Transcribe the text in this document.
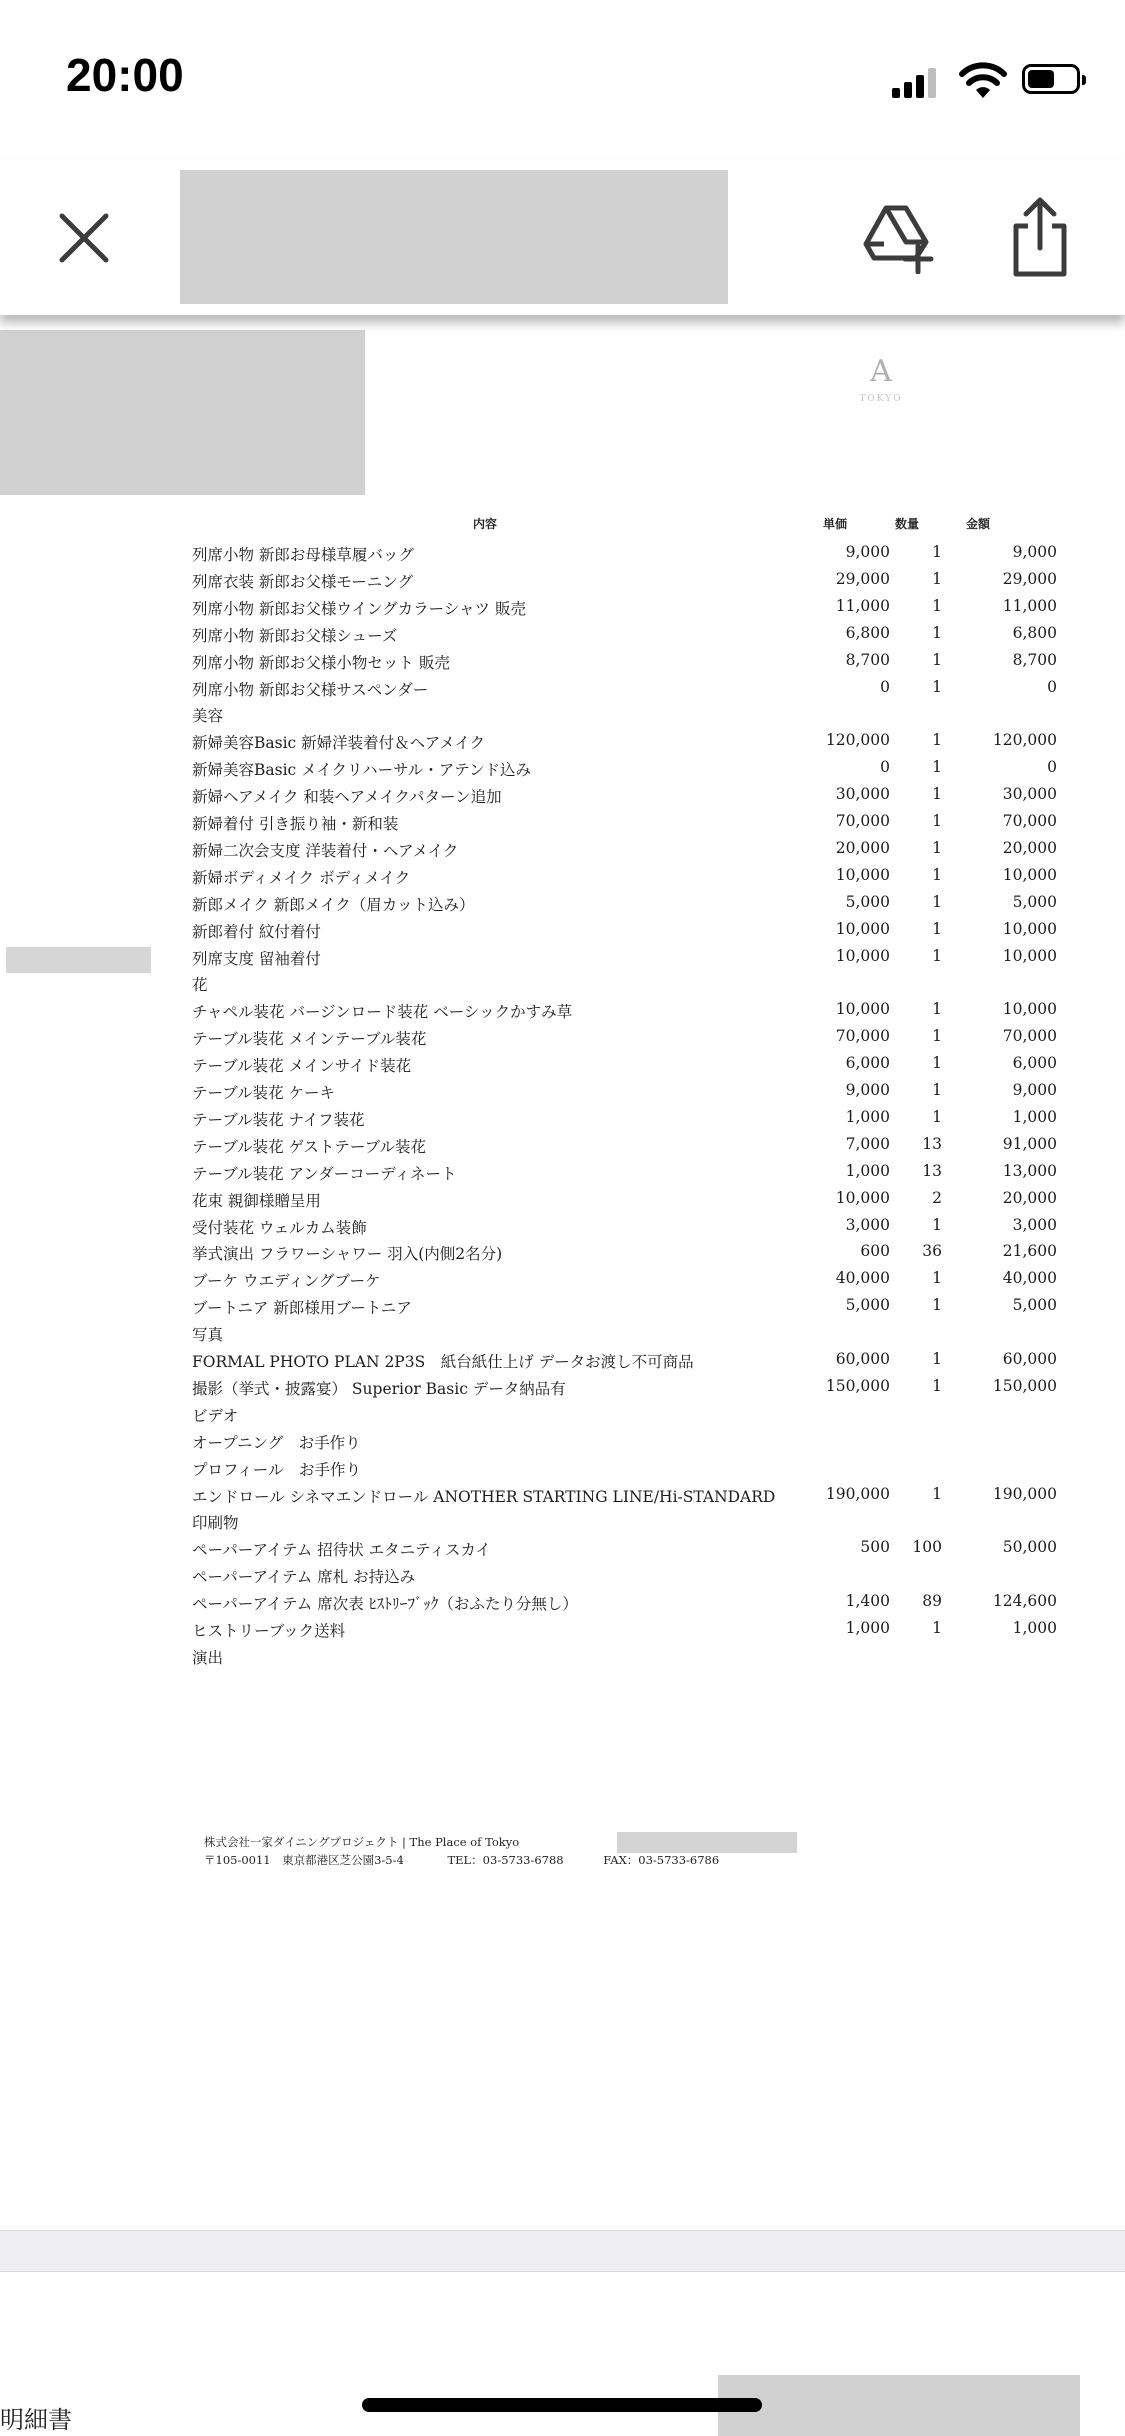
20:00
A
TOKYO
内容	単価	数量	金額
列席小物 新郎お母様草履バッグ	9,000	1	9,000
列席衣装 新郎お父様モーニング	29,000	1	29,000
列席小物 新郎お父様ウイングカラーシャツ 販売	11,000	1	11,000
列席小物 新郎お父様シューズ	6,800	1	6,800
列席小物 新郎お父様小物セット 販売	8,700	1	8,700
列席小物 新郎お父様サスペンダー	0	1	0
美容
新婦美容Basic 新婦洋装着付＆ヘアメイク	120,000	1	120,000
新婦美容Basic メイクリハーサル・アテンド込み	0	1	0
新婦ヘアメイク 和装ヘアメイクパターン追加	30,000	1	30,000
新婦着付 引き振り袖・新和装	70,000	1	70,000
新婦二次会支度 洋装着付・ヘアメイク	20,000	1	20,000
新婦ボディメイク ボディメイク	10,000	1	10,000
新郎メイク 新郎メイク（眉カット込み）	5,000	1	5,000
新郎着付 紋付着付	10,000	1	10,000
列席支度 留袖着付	10,000	1	10,000
花
チャペル装花 バージンロード装花 ベーシックかすみ草	10,000	1	10,000
テーブル装花 メインテーブル装花	70,000	1	70,000
テーブル装花 メインサイド装花	6,000	1	6,000
テーブル装花 ケーキ	9,000	1	9,000
テーブル装花 ナイフ装花	1,000	1	1,000
テーブル装花 ゲストテーブル装花	7,000	13	91,000
テーブル装花 アンダーコーディネート	1,000	13	13,000
花束 親御様贈呈用	10,000	2	20,000
受付装花 ウェルカム装飾	3,000	1	3,000
挙式演出 フラワーシャワー 羽入(内側2名分)	600	36	21,600
ブーケ ウエディングブーケ	40,000	1	40,000
ブートニア 新郎様用ブートニア	5,000	1	5,000
写真
FORMAL PHOTO PLAN 2P3S　紙台紙仕上げ データお渡し不可商品	60,000	1	60,000
撮影（挙式・披露宴） Superior Basic データ納品有	150,000	1	150,000
ビデオ
オープニング　お手作り
プロフィール　お手作り
エンドロール シネマエンドロール ANOTHER STARTING LINE/Hi-STANDARD	190,000	1	190,000
印刷物
ペーパーアイテム 招待状 エタニティスカイ	500	100	50,000
ペーパーアイテム 席札 お持込み
ペーパーアイテム 席次表 ﾋｽﾄﾘｰﾌﾞｯｸ（おふたり分無し）	1,400	89	124,600
ヒストリーブック送料	1,000	1	1,000
演出
株式会社一家ダイニングプロジェクト | The Place of Tokyo
〒105-0011　東京都港区芝公園3-5-4	TEL：03-5733-6788	FAX：03-5733-6786
明細書
